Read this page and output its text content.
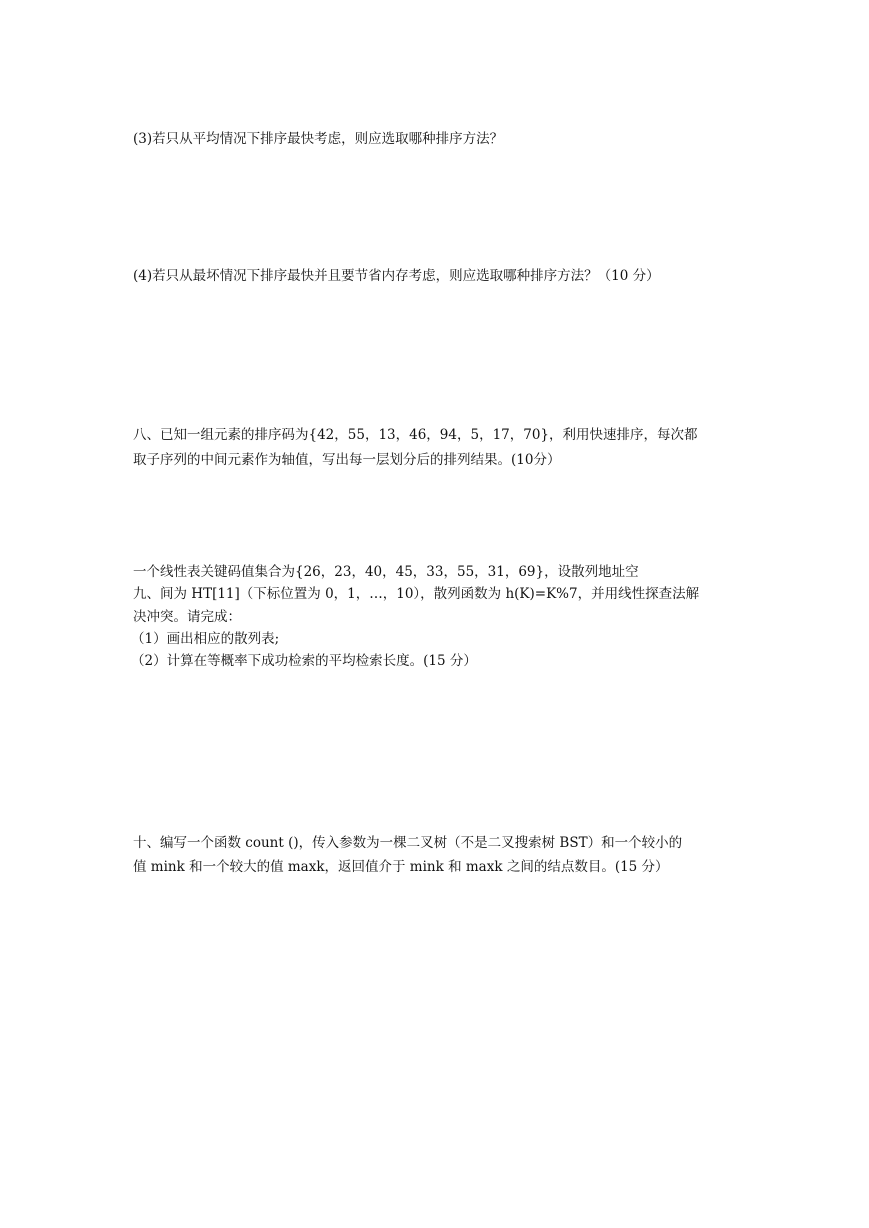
(3)若只从平均情况下排序最快考虑，则应选取哪种排序方法？
(4)若只从最坏情况下排序最快并且要节省内存考虑，则应选取哪种排序方法？（10 分）
八、已知一组元素的排序码为{42，55，13，46，94，5，17，70}，利用快速排序，每次都
取子序列的中间元素作为轴值，写出每一层划分后的排列结果。(10分）
一个线性表关键码值集合为{26，23，40，45，33，55，31，69}，设散列地址空
九、间为 HT[11]（下标位置为 0，1，…，10），散列函数为 h(K)=K%7，并用线性探查法解
决冲突。请完成：
（1）画出相应的散列表;
（2）计算在等概率下成功检索的平均检索长度。(15 分）
十、编写一个函数 count ()，传入参数为一棵二叉树（不是二叉搜索树 BST）和一个较小的
值 mink 和一个较大的值 maxk，返回值介于 mink 和 maxk 之间的结点数目。(15 分）
